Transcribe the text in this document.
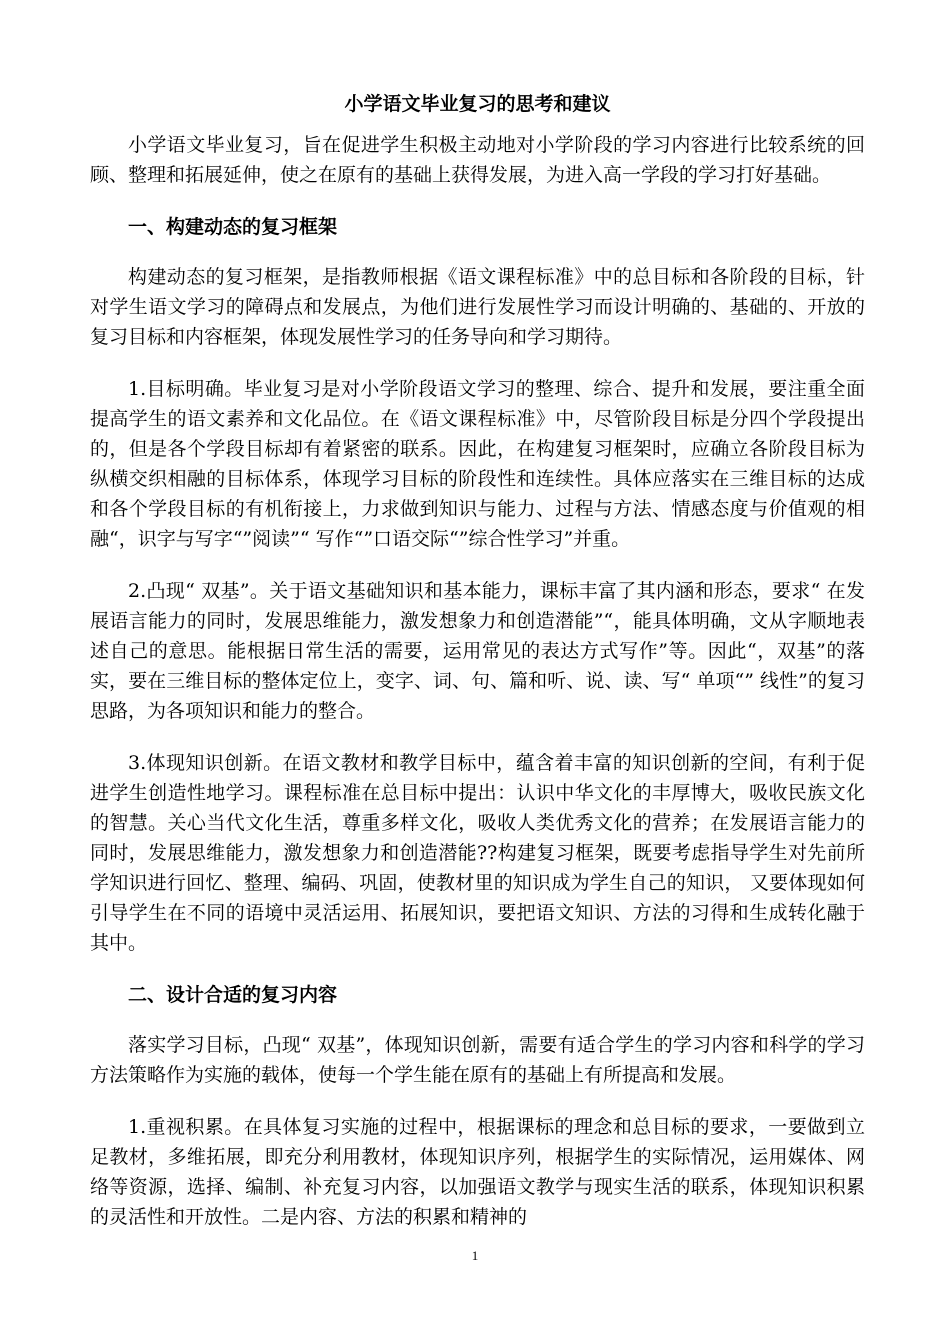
小学语文毕业复习的思考和建议

小学语文毕业复习，旨在促进学生积极主动地对小学阶段的学习内容进行比较系统的回顾、整理和拓展延伸，使之在原有的基础上获得发展，为进入高一学段的学习打好基础。

一、构建动态的复习框架

构建动态的复习框架，是指教师根据《语文课程标准》中的总目标和各阶段的目标，针对学生语文学习的障碍点和发展点，为他们进行发展性学习而设计明确的、基础的、开放的复习目标和内容框架，体现发展性学习的任务导向和学习期待。

1.目标明确。毕业复习是对小学阶段语文学习的整理、综合、提升和发展，要注重全面提高学生的语文素养和文化品位。在《语文课程标准》中，尽管阶段目标是分四个学段提出的，但是各个学段目标却有着紧密的联系。因此，在构建复习框架时，应确立各阶段目标为纵横交织相融的目标体系，体现学习目标的阶段性和连续性。具体应落实在三维目标的达成和各个学段目标的有机衔接上，力求做到知识与能力、过程与方法、情感态度与价值观的相融“，识字与写字“”阅读”“ 写作“”口语交际“”综合性学习”并重。

2.凸现“ 双基”。关于语文基础知识和基本能力，课标丰富了其内涵和形态，要求“ 在发展语言能力的同时，发展思维能力，激发想象力和创造潜能”“，能具体明确，文从字顺地表述自己的意思。能根据日常生活的需要，运用常见的表达方式写作”等。因此“，双基”的落实，要在三维目标的整体定位上，变字、词、句、篇和听、说、读、写“ 单项“” 线性”的复习思路，为各项知识和能力的整合。

3.体现知识创新。在语文教材和教学目标中，蕴含着丰富的知识创新的空间，有利于促进学生创造性地学习。课程标准在总目标中提出：认识中华文化的丰厚博大，吸收民族文化的智慧。关心当代文化生活，尊重多样文化，吸收人类优秀文化的营养；在发展语言能力的同时，发展思维能力，激发想象力和创造潜能??构建复习框架，既要考虑指导学生对先前所学知识进行回忆、整理、编码、巩固，使教材里的知识成为学生自己的知识， 又要体现如何引导学生在不同的语境中灵活运用、拓展知识，要把语文知识、方法的习得和生成转化融于其中。

二、设计合适的复习内容

落实学习目标，凸现“ 双基”，体现知识创新，需要有适合学生的学习内容和科学的学习方法策略作为实施的载体，使每一个学生能在原有的基础上有所提高和发展。

1.重视积累。在具体复习实施的过程中，根据课标的理念和总目标的要求，一要做到立足教材，多维拓展，即充分利用教材，体现知识序列，根据学生的实际情况，运用媒体、网络等资源，选择、编制、补充复习内容，以加强语文教学与现实生活的联系，体现知识积累的灵活性和开放性。二是内容、方法的积累和精神的

1
